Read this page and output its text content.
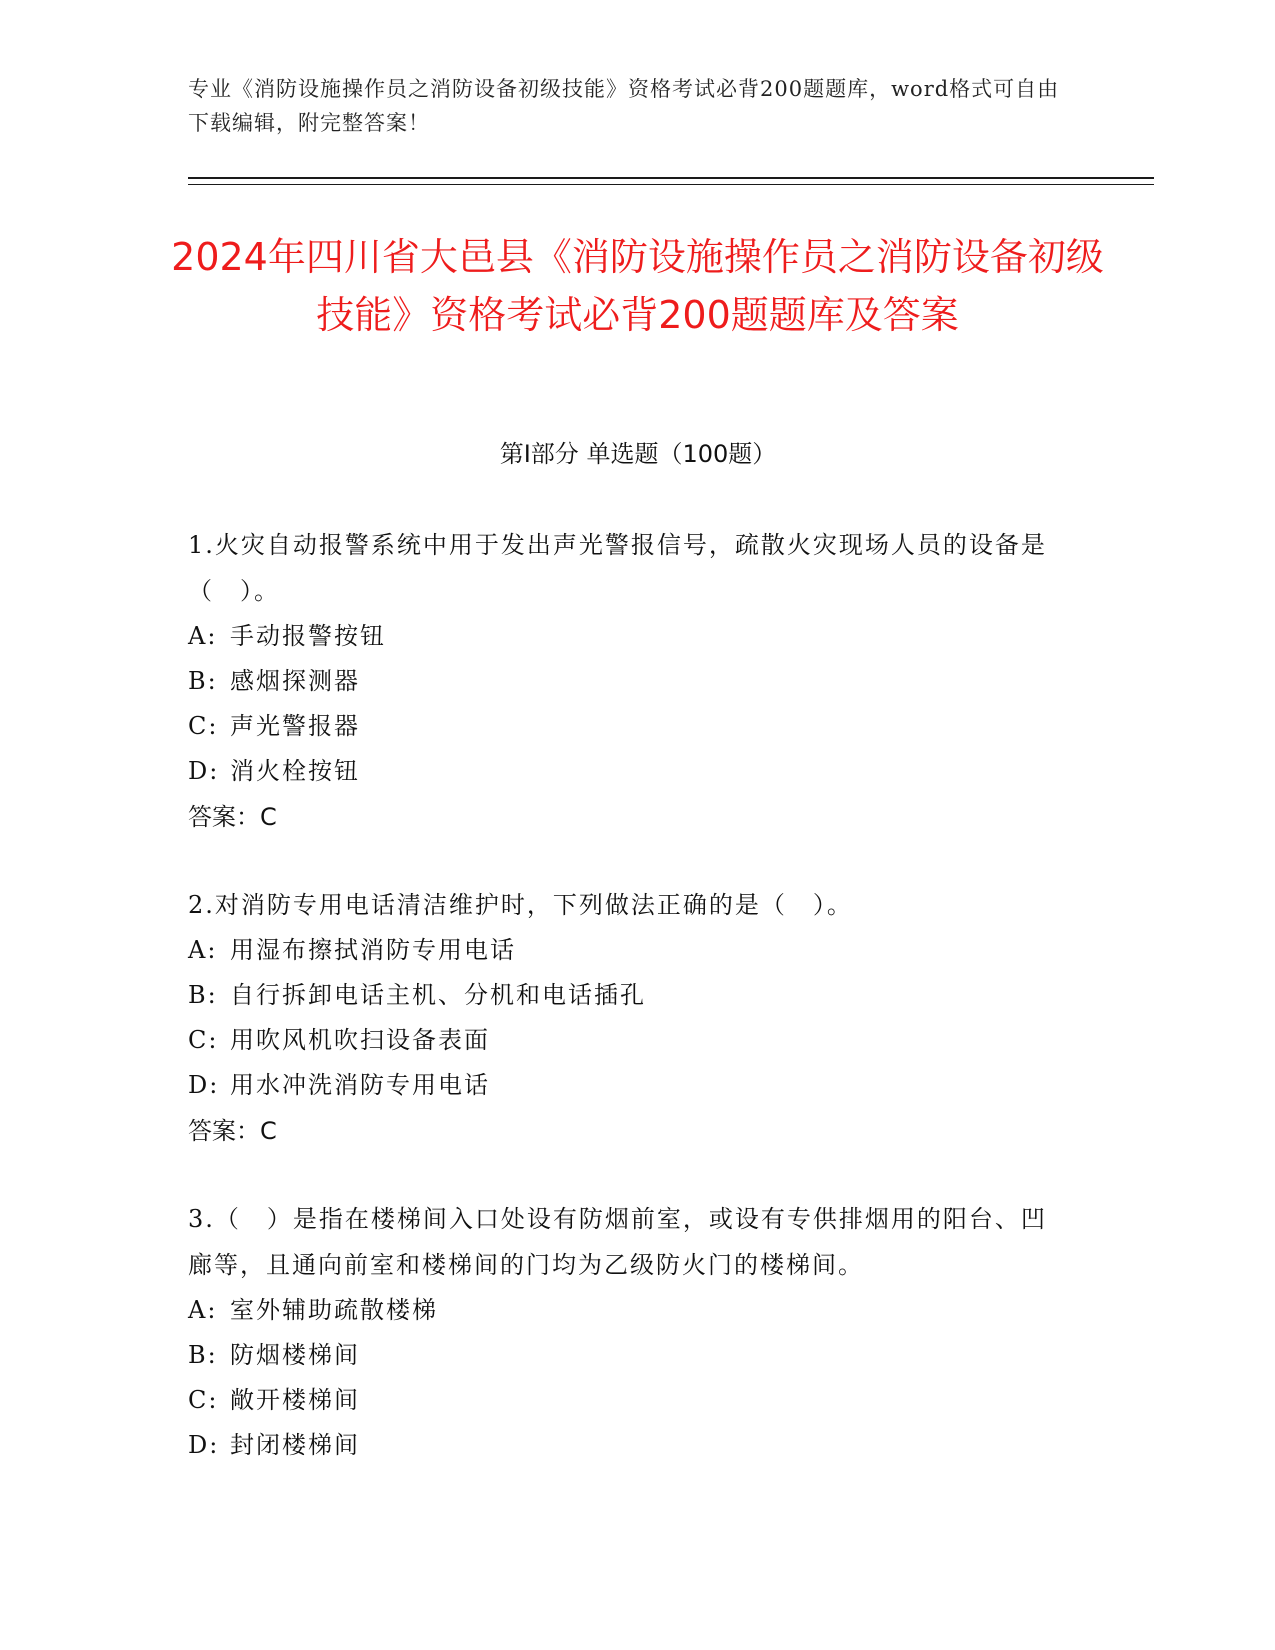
专业《消防设施操作员之消防设备初级技能》资格考试必背200题题库，word格式可自由下载编辑，附完整答案！
2024年四川省大邑县《消防设施操作员之消防设备初级技能》资格考试必背200题题库及答案
第Ⅰ部分 单选题（100题）
1.火灾自动报警系统中用于发出声光警报信号，疏散火灾现场人员的设备是（　）。
A: 手动报警按钮
B: 感烟探测器
C: 声光警报器
D: 消火栓按钮
答案：C
2.对消防专用电话清洁维护时，下列做法正确的是（　）。
A: 用湿布擦拭消防专用电话
B: 自行拆卸电话主机、分机和电话插孔
C: 用吹风机吹扫设备表面
D: 用水冲洗消防专用电话
答案：C
3.（　）是指在楼梯间入口处设有防烟前室，或设有专供排烟用的阳台、凹廊等，且通向前室和楼梯间的门均为乙级防火门的楼梯间。
A: 室外辅助疏散楼梯
B: 防烟楼梯间
C: 敞开楼梯间
D: 封闭楼梯间
